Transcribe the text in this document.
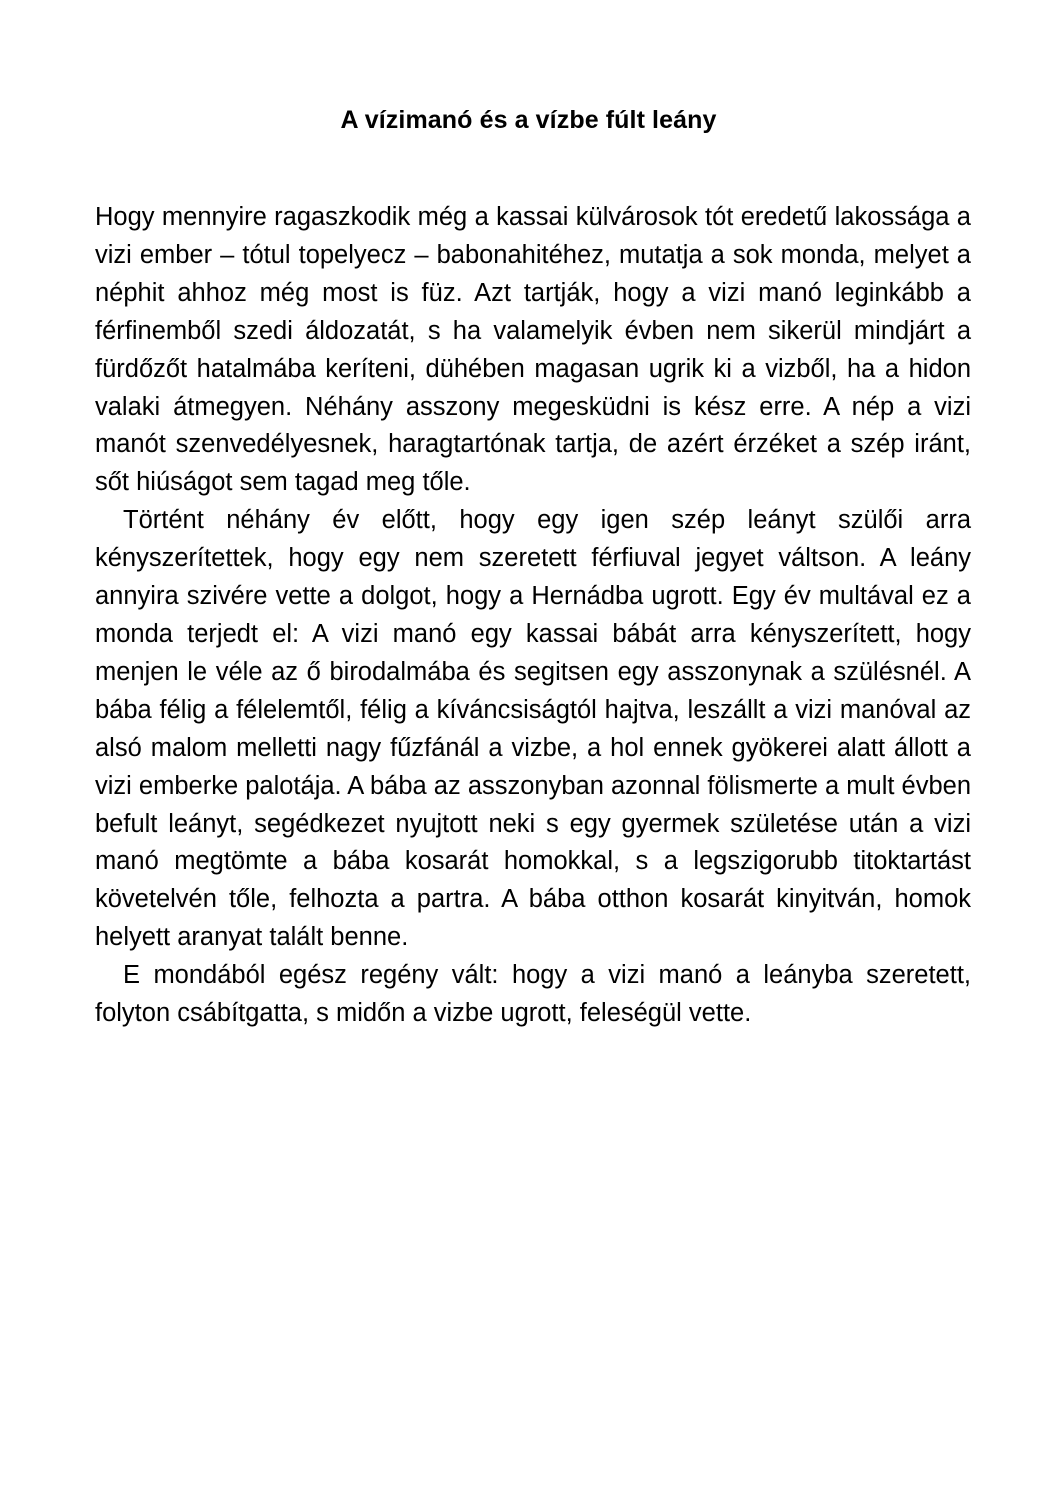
A vízimanó és a vízbe fúlt leány

Hogy mennyire ragaszkodik még a kassai külvárosok tót eredetű lakossága a vizi ember – tótul topelyecz – babonahitéhez, mutatja a sok monda, melyet a néphit ahhoz még most is füz. Azt tartják, hogy a vizi manó leginkább a férfinemből szedi áldozatát, s ha valamelyik évben nem sikerül mindjárt a fürdőzőt hatalmába keríteni, dühében magasan ugrik ki a vizből, ha a hidon valaki átmegyen. Néhány asszony megesküdni is kész erre. A nép a vizi manót szenvedélyesnek, haragtartónak tartja, de azért érzéket a szép iránt, sőt hiúságot sem tagad meg tőle.

Történt néhány év előtt, hogy egy igen szép leányt szülői arra kényszerítettek, hogy egy nem szeretett férfiuval jegyet váltson. A leány annyira szivére vette a dolgot, hogy a Hernádba ugrott. Egy év multával ez a monda terjedt el: A vizi manó egy kassai bábát arra kényszerített, hogy menjen le véle az ő birodalmába és segitsen egy asszonynak a szülésnél. A bába félig a félelemtől, félig a kíváncsiságtól hajtva, leszállt a vizi manóval az alsó malom melletti nagy fűzfánál a vizbe, a hol ennek gyökerei alatt állott a vizi emberke palotája. A bába az asszonyban azonnal fölismerte a mult évben befult leányt, segédkezet nyujtott neki s egy gyermek születése után a vizi manó megtömte a bába kosarát homokkal, s a legszigorubb titoktartást követelvén tőle, felhozta a partra. A bába otthon kosarát kinyitván, homok helyett aranyat talált benne.

E mondából egész regény vált: hogy a vizi manó a leányba szeretett, folyton csábítgatta, s midőn a vizbe ugrott, feleségül vette.
